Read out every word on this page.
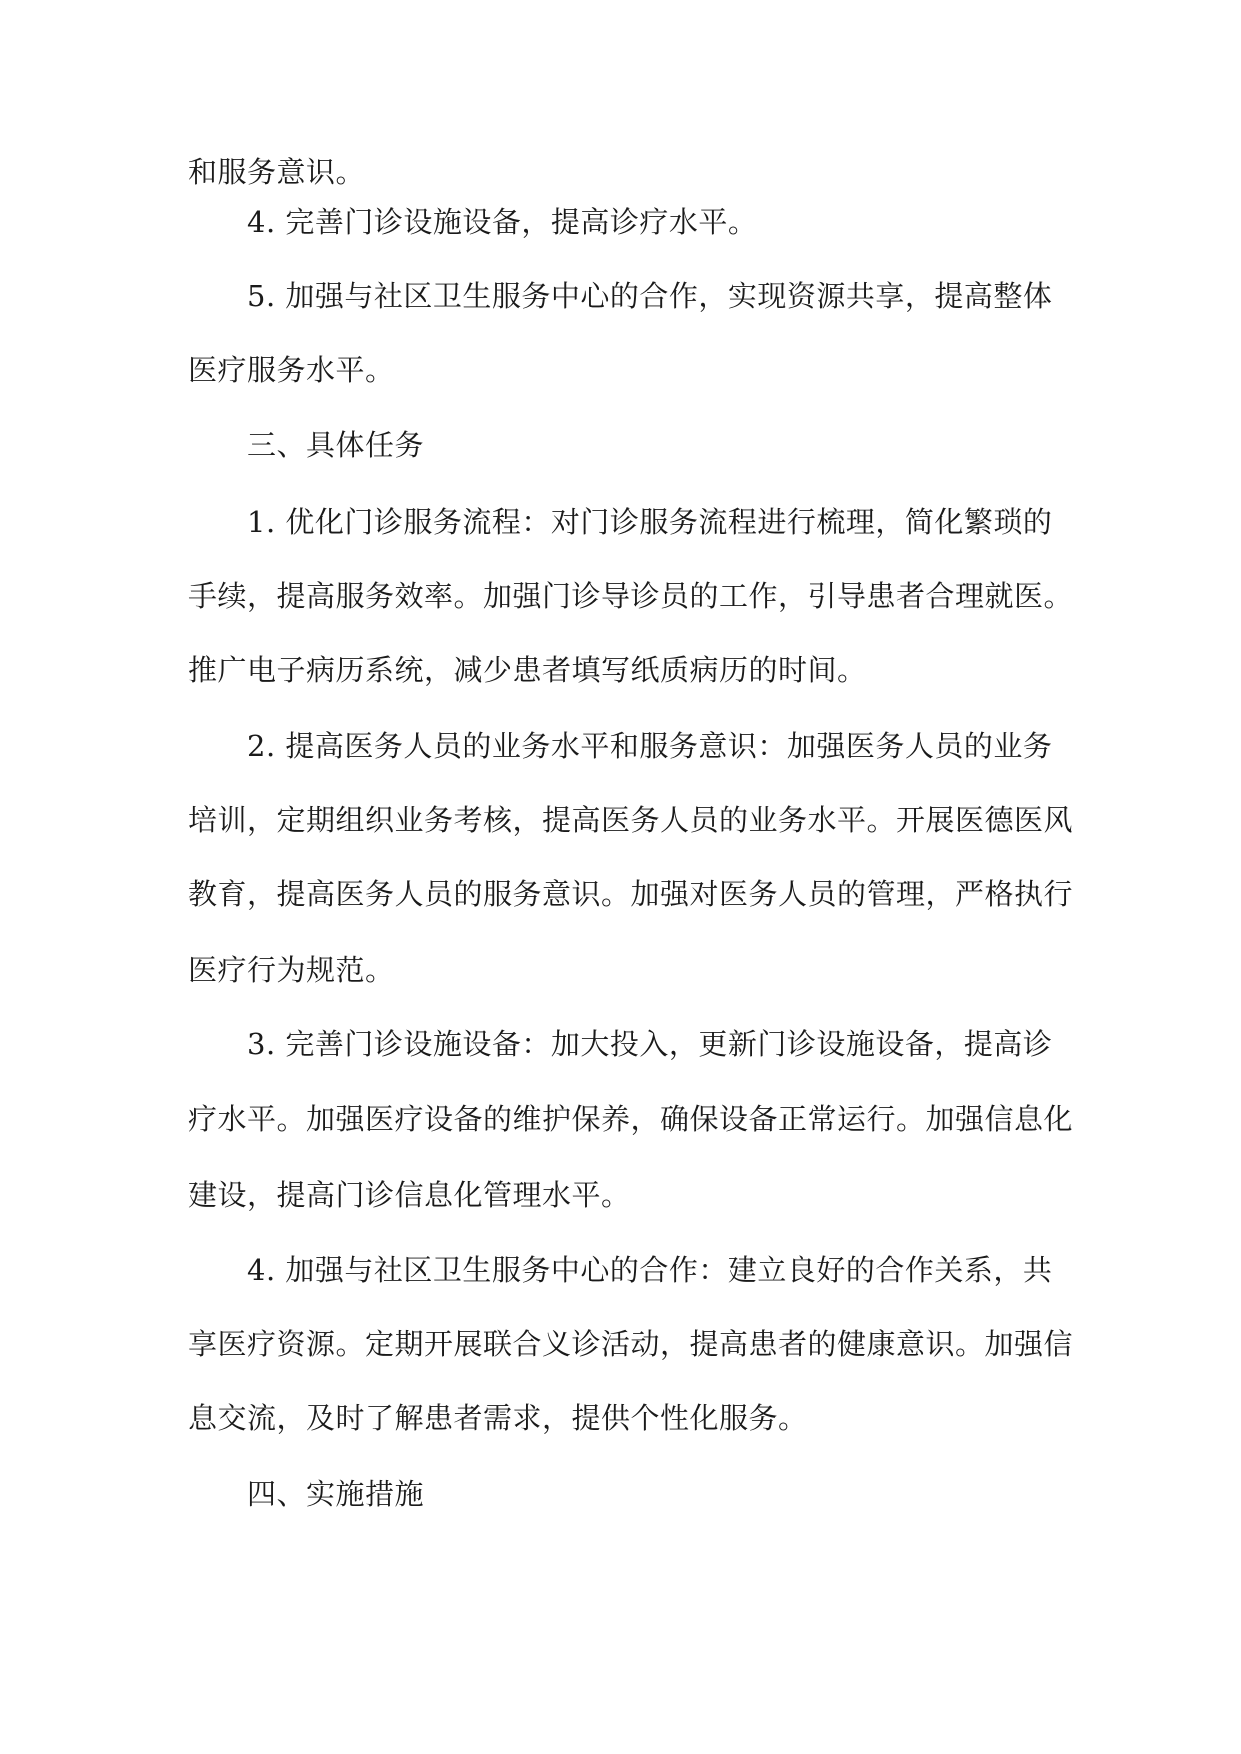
和服务意识。
4. 完善门诊设施设备，提高诊疗水平。
5. 加强与社区卫生服务中心的合作，实现资源共享，提高整体
医疗服务水平。
三、具体任务
1. 优化门诊服务流程：对门诊服务流程进行梳理，简化繁琐的
手续，提高服务效率。加强门诊导诊员的工作，引导患者合理就医。
推广电子病历系统，减少患者填写纸质病历的时间。
2. 提高医务人员的业务水平和服务意识：加强医务人员的业务
培训，定期组织业务考核，提高医务人员的业务水平。开展医德医风
教育，提高医务人员的服务意识。加强对医务人员的管理，严格执行
医疗行为规范。
3. 完善门诊设施设备：加大投入，更新门诊设施设备，提高诊
疗水平。加强医疗设备的维护保养，确保设备正常运行。加强信息化
建设，提高门诊信息化管理水平。
4. 加强与社区卫生服务中心的合作：建立良好的合作关系，共
享医疗资源。定期开展联合义诊活动，提高患者的健康意识。加强信
息交流，及时了解患者需求，提供个性化服务。
四、实施措施
